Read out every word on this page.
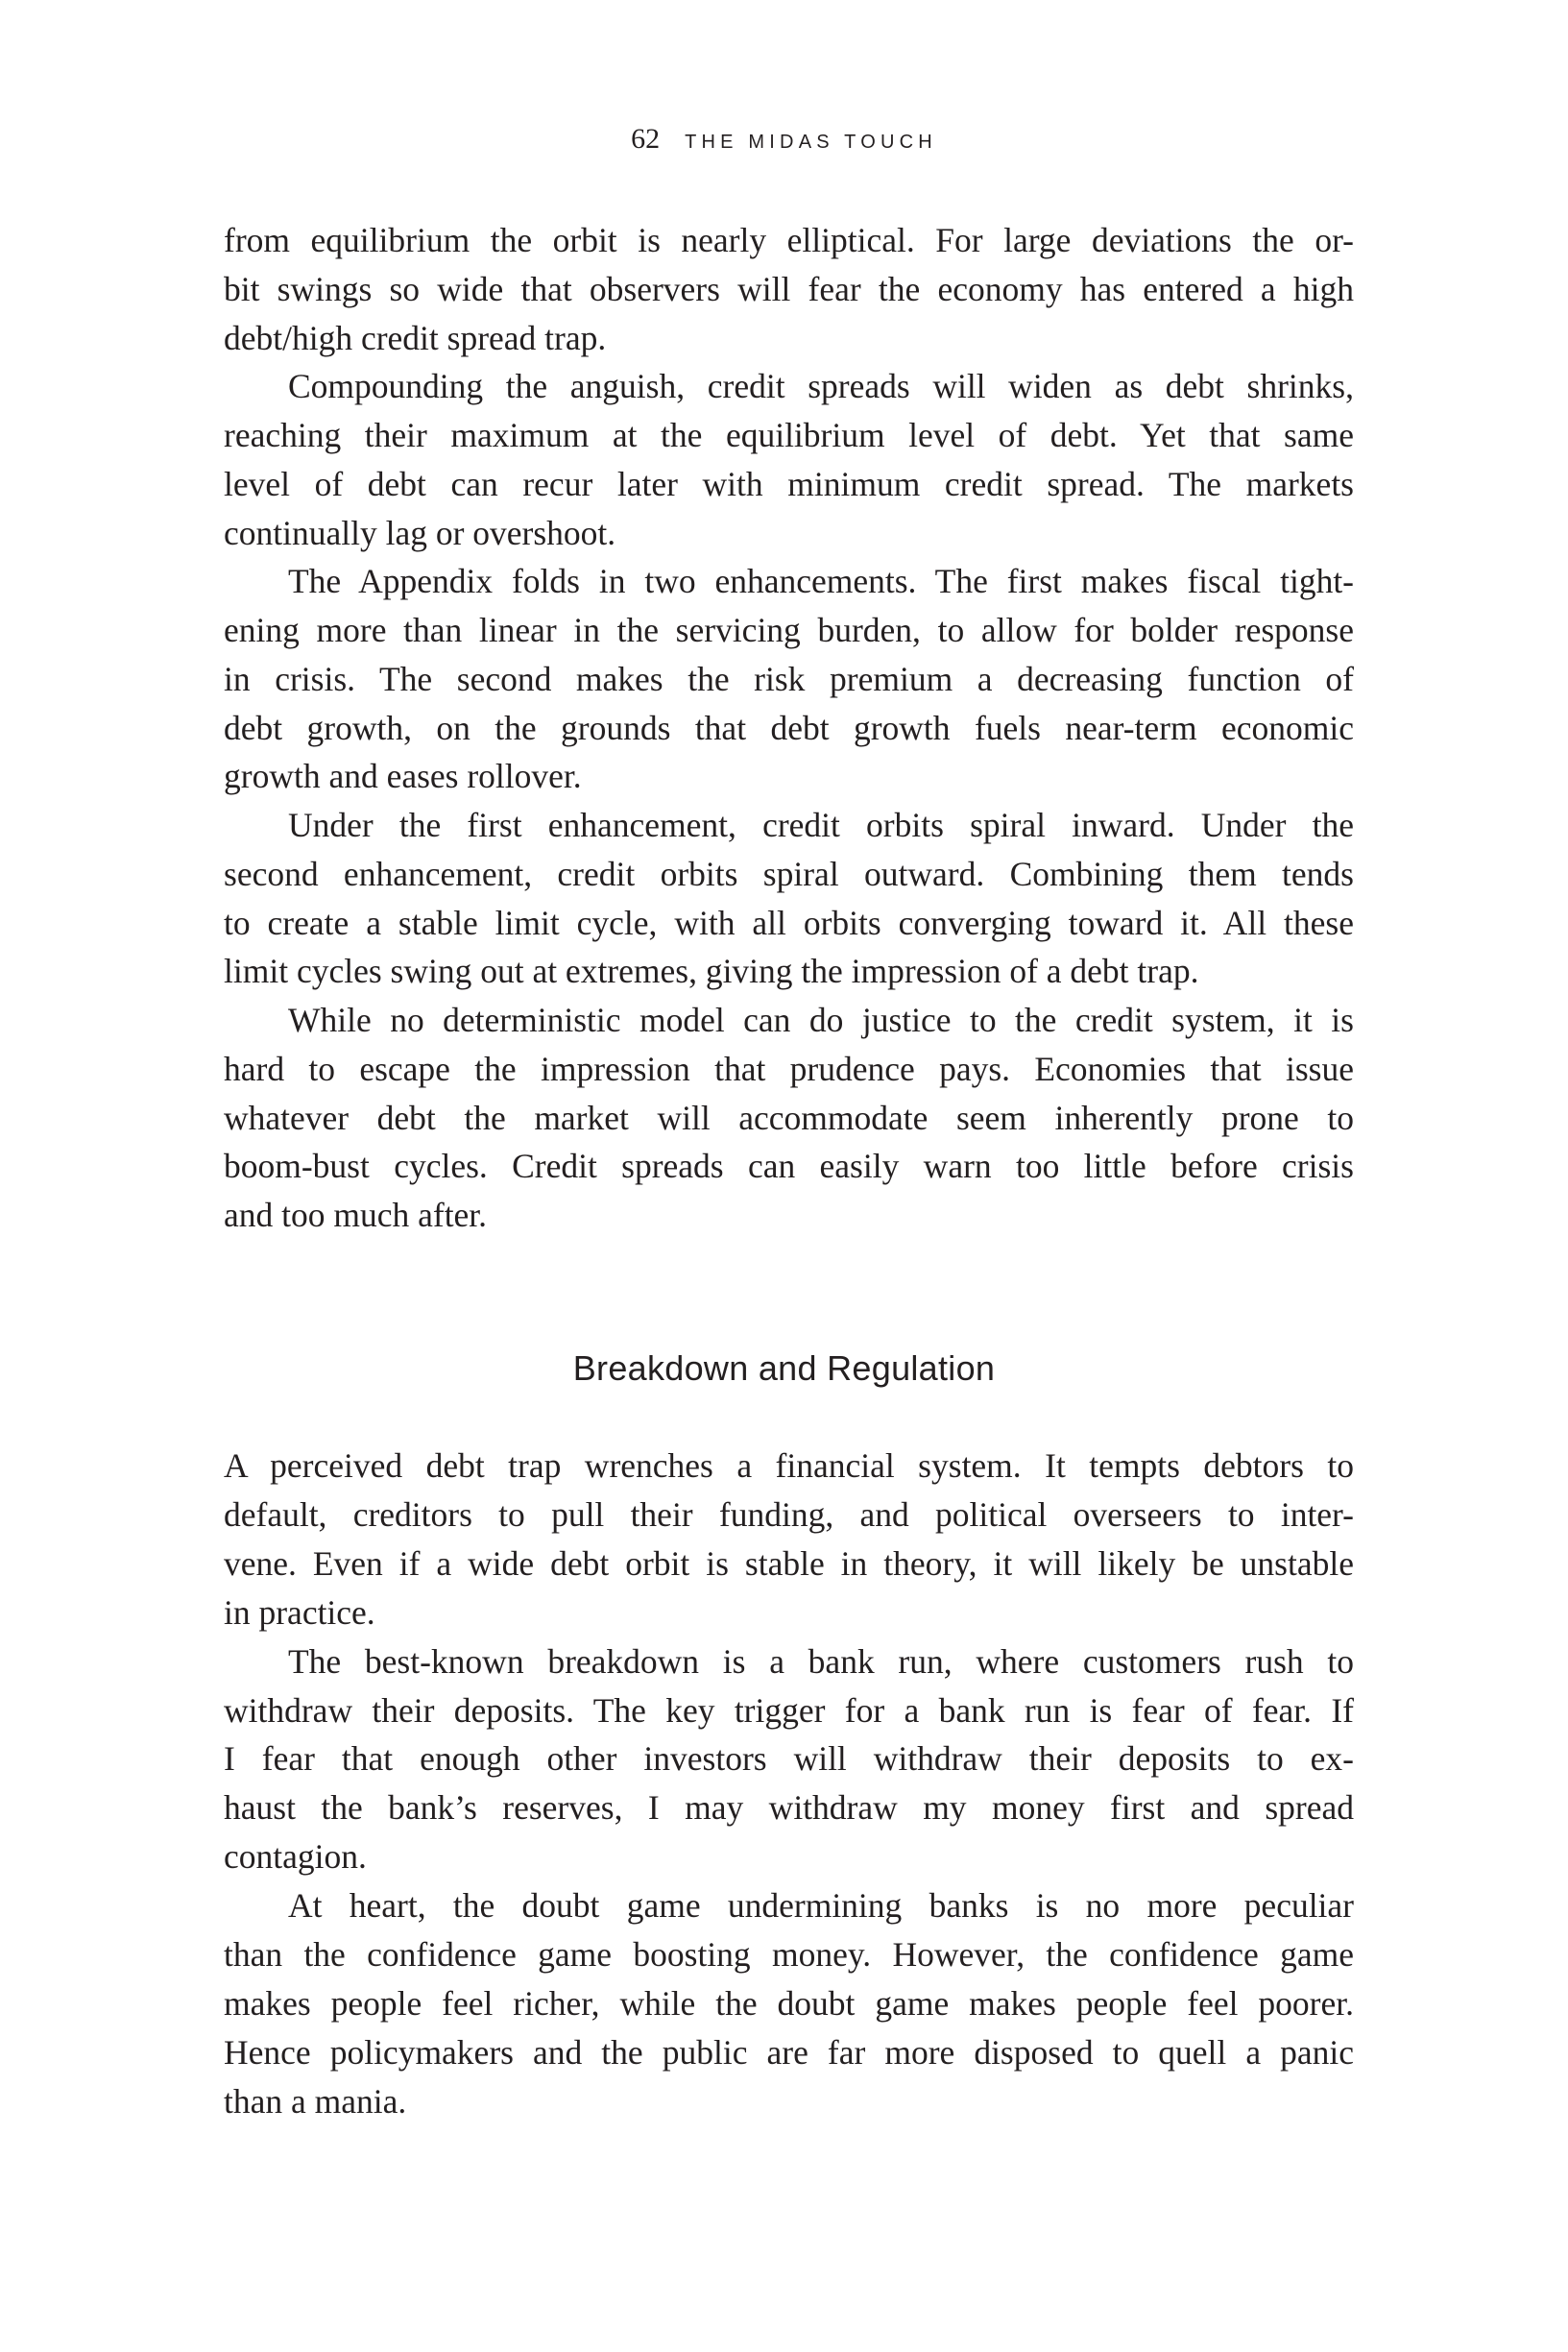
62 THE MIDAS TOUCH
from equilibrium the orbit is nearly elliptical. For large deviations the or-
bit swings so wide that observers will fear the economy has entered a high
debt/high credit spread trap.
Compounding the anguish, credit spreads will widen as debt shrinks,
reaching their maximum at the equilibrium level of debt. Yet that same
level of debt can recur later with minimum credit spread. The markets
continually lag or overshoot.
The Appendix folds in two enhancements. The first makes fiscal tight-
ening more than linear in the servicing burden, to allow for bolder response
in crisis. The second makes the risk premium a decreasing function of
debt growth, on the grounds that debt growth fuels near-term economic
growth and eases rollover.
Under the first enhancement, credit orbits spiral inward. Under the
second enhancement, credit orbits spiral outward. Combining them tends
to create a stable limit cycle, with all orbits converging toward it. All these
limit cycles swing out at extremes, giving the impression of a debt trap.
While no deterministic model can do justice to the credit system, it is
hard to escape the impression that prudence pays. Economies that issue
whatever debt the market will accommodate seem inherently prone to
boom-bust cycles. Credit spreads can easily warn too little before crisis
and too much after.
Breakdown and Regulation
A perceived debt trap wrenches a financial system. It tempts debtors to
default, creditors to pull their funding, and political overseers to inter-
vene. Even if a wide debt orbit is stable in theory, it will likely be unstable
in practice.
The best-known breakdown is a bank run, where customers rush to
withdraw their deposits. The key trigger for a bank run is fear of fear. If
I fear that enough other investors will withdraw their deposits to ex-
haust the bank’s reserves, I may withdraw my money first and spread
contagion.
At heart, the doubt game undermining banks is no more peculiar
than the confidence game boosting money. However, the confidence game
makes people feel richer, while the doubt game makes people feel poorer.
Hence policymakers and the public are far more disposed to quell a panic
than a mania.
